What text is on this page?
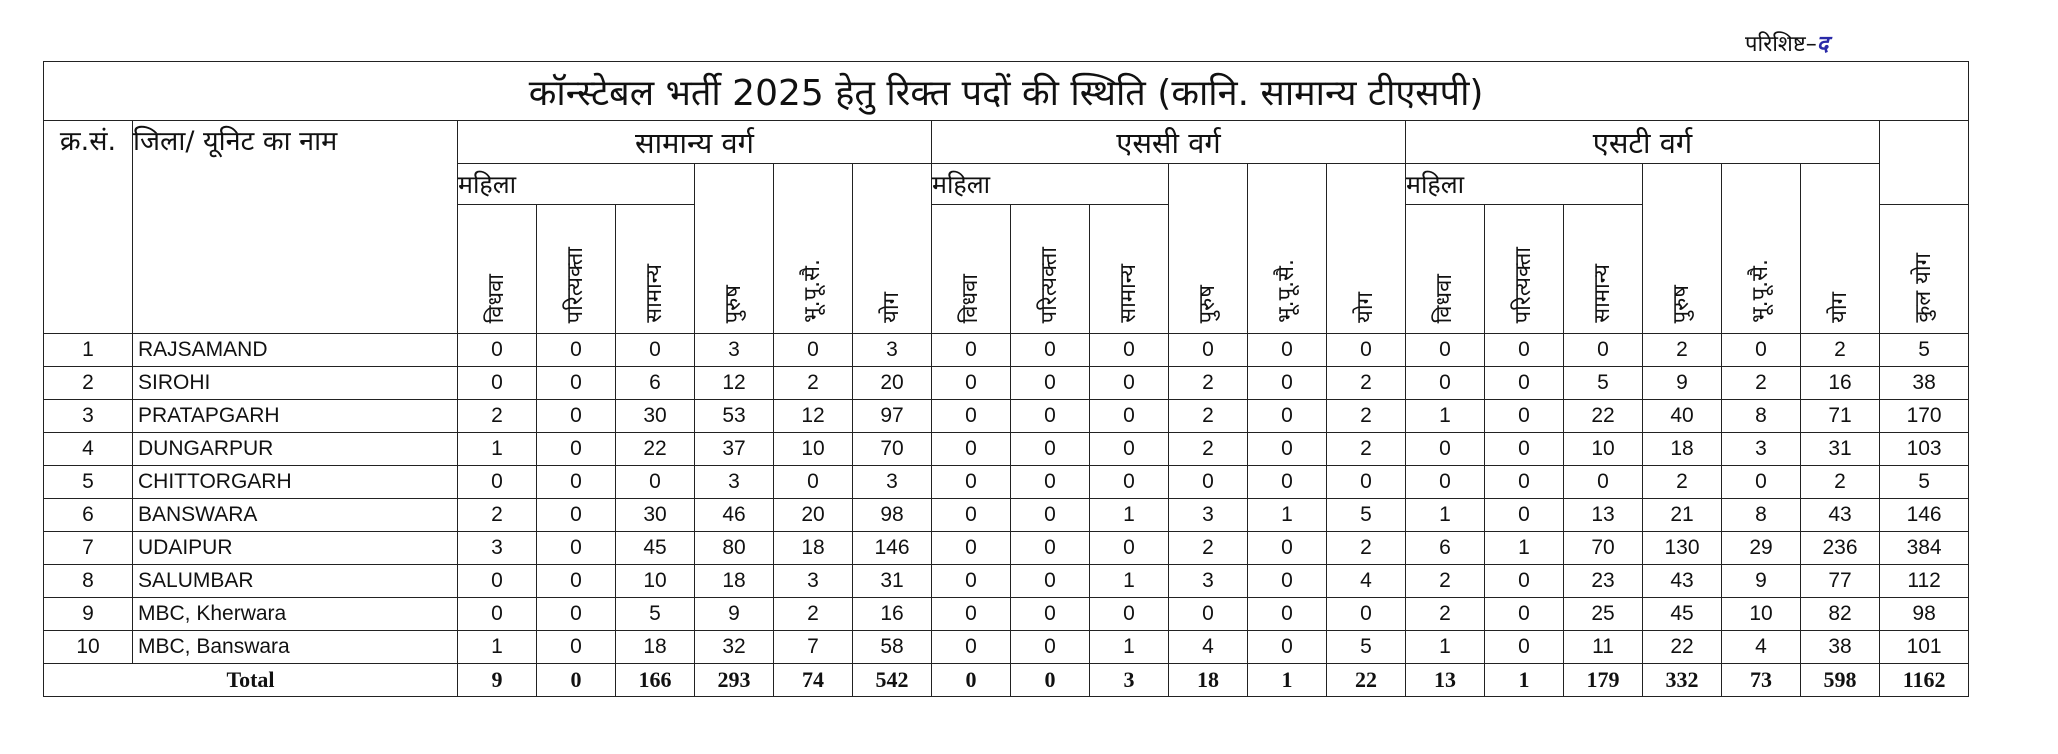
परिशिष्ट–द
कॉन्स्टेबल भर्ती 2025 हेतु रिक्त पदों की स्थिति (कानि. सामान्य टीएसपी)																				
क्र.सं.	जिला/ यूनिट का नाम	सामान्य वर्ग						एससी वर्ग						एसटी वर्ग						
		महिला			पुरुष	भू.पू.सै.	योग	महिला			पुरुष	भू.पू.सै.	योग	महिला			पुरुष	भू.पू.सै.	योग	
		विधवा	परित्यक्ता	सामान्य				विधवा	परित्यक्ता	सामान्य				विधवा	परित्यक्ता	सामान्य				कुल योग
1	RAJSAMAND	0	0	0	3	0	3	0	0	0	0	0	0	0	0	0	2	0	2	5
2	SIROHI	0	0	6	12	2	20	0	0	0	2	0	2	0	0	5	9	2	16	38
3	PRATAPGARH	2	0	30	53	12	97	0	0	0	2	0	2	1	0	22	40	8	71	170
4	DUNGARPUR	1	0	22	37	10	70	0	0	0	2	0	2	0	0	10	18	3	31	103
5	CHITTORGARH	0	0	0	3	0	3	0	0	0	0	0	0	0	0	0	2	0	2	5
6	BANSWARA	2	0	30	46	20	98	0	0	1	3	1	5	1	0	13	21	8	43	146
7	UDAIPUR	3	0	45	80	18	146	0	0	0	2	0	2	6	1	70	130	29	236	384
8	SALUMBAR	0	0	10	18	3	31	0	0	1	3	0	4	2	0	23	43	9	77	112
9	MBC, Kherwara	0	0	5	9	2	16	0	0	0	0	0	0	2	0	25	45	10	82	98
10	MBC, Banswara	1	0	18	32	7	58	0	0	1	4	0	5	1	0	11	22	4	38	101
Total		9	0	166	293	74	542	0	0	3	18	1	22	13	1	179	332	73	598	1162
